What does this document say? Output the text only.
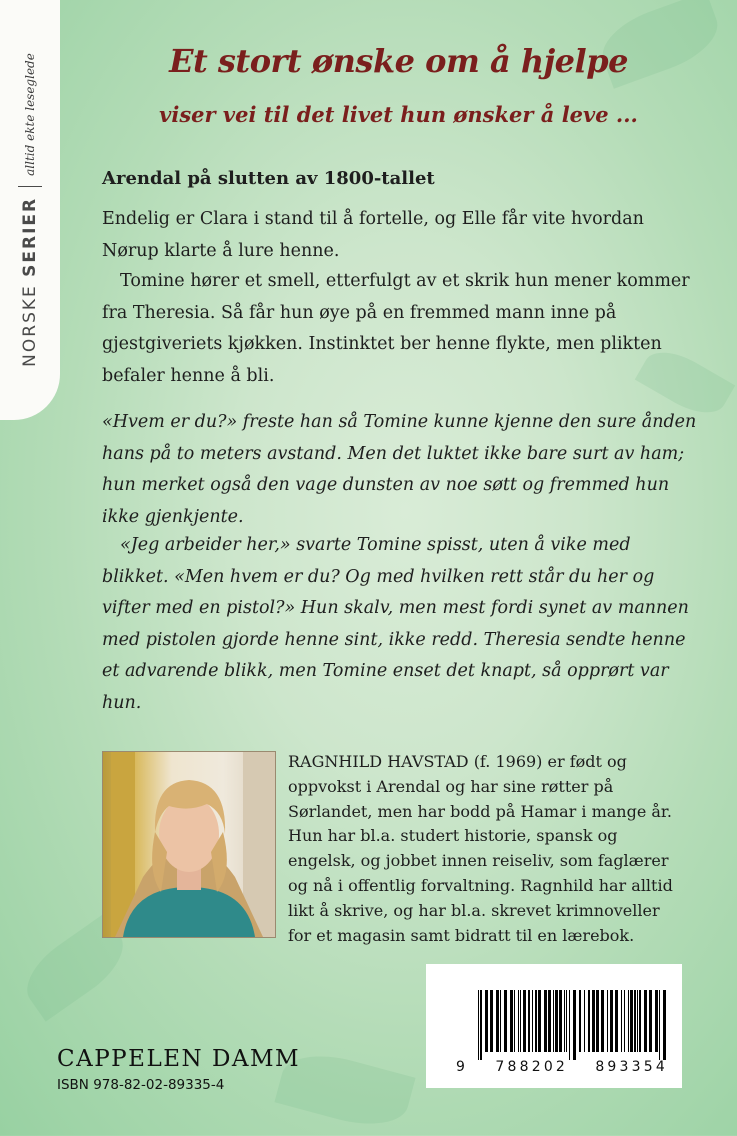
NORSKE SERIER
alltid ekte leseglede	Et stort ønske om å hjelpe
viser vei til det livet hun ønsker å leve ...
Arendal på slutten av 1800-tallet

Endelig er Clara i stand til å fortelle, og Elle får vite hvordan Nørup klarte å lure henne.

Tomine hører et smell, etterfulgt av et skrik hun mener kommer fra Theresia. Så får hun øye på en fremmed mann inne på gjestgiveriets kjøkken. Instinktet ber henne flykte, men plikten befaler henne å bli.

«Hvem er du?» freste han så Tomine kunne kjenne den sure ånden hans på to meters avstand. Men det luktet ikke bare surt av ham; hun merket også den vage dunsten av noe søtt og fremmed hun ikke gjenkjente.

«Jeg arbeider her,» svarte Tomine spisst, uten å vike med blikket. «Men hvem er du? Og med hvilken rett står du her og vifter med en pistol?» Hun skalv, men mest fordi synet av mannen med pistolen gjorde henne sint, ikke redd. Theresia sendte henne et advarende blikk, men Tomine enset det knapt, så opprørt var hun.

RAGNHILD HAVSTAD (f. 1969) er født og oppvokst i Arendal og har sine røtter på Sørlandet, men har bodd på Hamar i mange år. Hun har bl.a. studert historie, spansk og engelsk, og jobbet innen reiseliv, som faglærer og nå i offentlig forvaltning. Ragnhild har alltid likt å skrive, og har bl.a. skrevet krimnoveller for et magasin samt bidratt til en lærebok.

CAPPELEN DAMM
ISBN 978-82-02-89335-4
9 788202 893354
